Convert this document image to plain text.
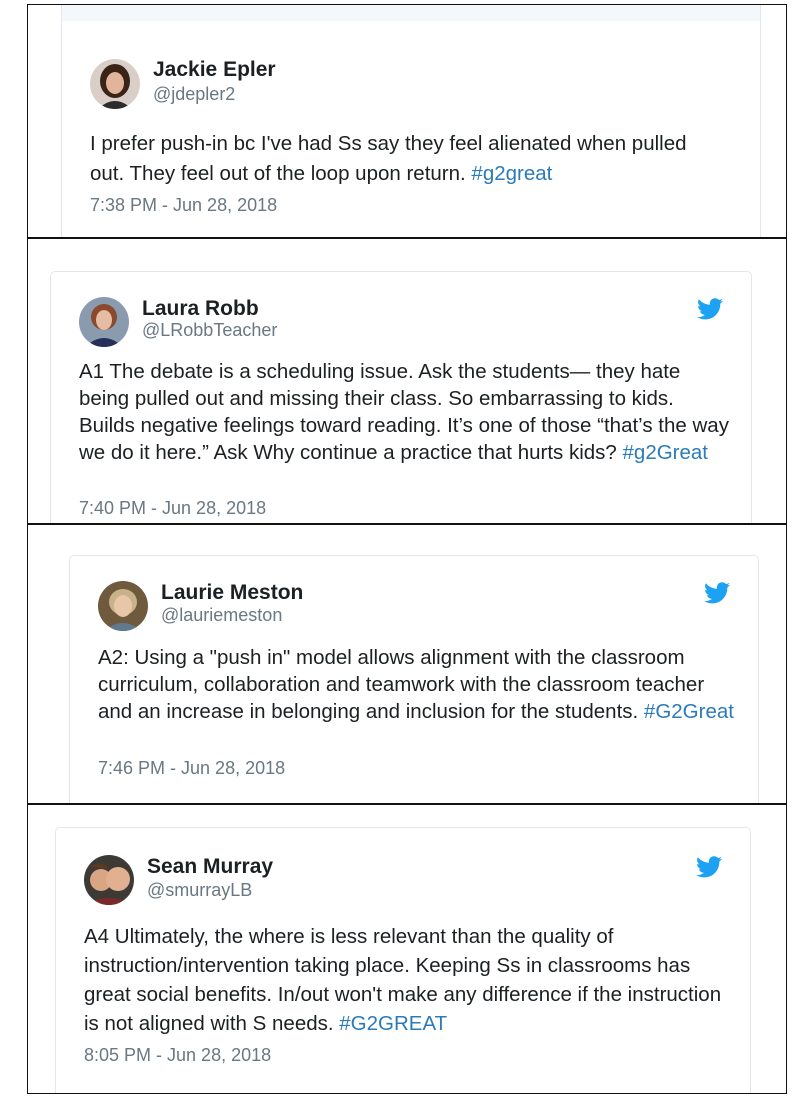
Jackie Epler
@jdepler2
I prefer push-in bc I've had Ss say they feel alienated when pulled out. They feel out of the loop upon return. #g2great
7:38 PM - Jun 28, 2018
Laura Robb
@LRobbTeacher
A1 The debate is a scheduling issue. Ask the students— they hate being pulled out and missing their class. So embarrassing to kids. Builds negative feelings toward reading. It’s one of those “that’s the way we do it here.” Ask Why continue a practice that hurts kids? #g2Great
7:40 PM - Jun 28, 2018
Laurie Meston
@lauriemeston
A2: Using a "push in" model allows alignment with the classroom curriculum, collaboration and teamwork with the classroom teacher and an increase in belonging and inclusion for the students. #G2Great
7:46 PM - Jun 28, 2018
Sean Murray
@smurrayLB
A4 Ultimately, the where is less relevant than the quality of instruction/intervention taking place. Keeping Ss in classrooms has great social benefits. In/out won't make any difference if the instruction is not aligned with S needs. #G2GREAT
8:05 PM - Jun 28, 2018
